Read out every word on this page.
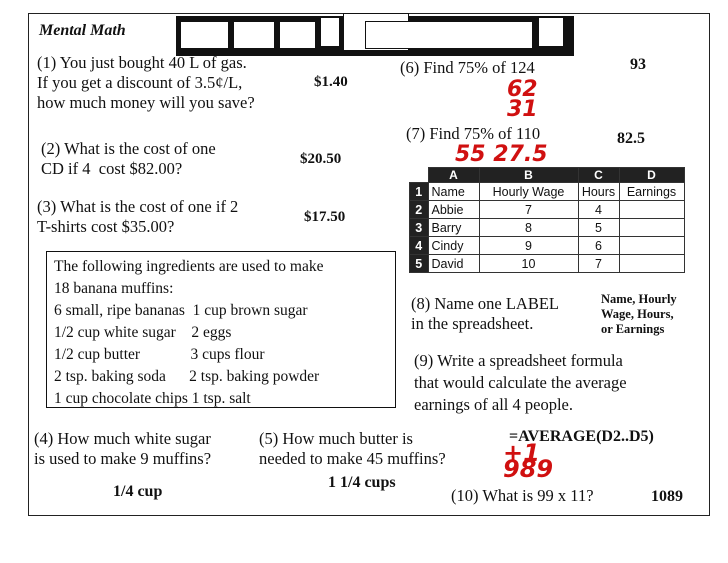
Mental Math
(1) You just bought 40 L of gas.
If you get a discount of 3.5¢/L,
how much money will you save?
$1.40
(2) What is the cost of one
CD if 4  cost $82.00?	$20.50
(3) What is the cost of one if 2
T-shirts cost $35.00?	$17.50
The following ingredients are used to make
18 banana muffins:
6 small, ripe bananas  1 cup brown sugar
1/2 cup white sugar    2 eggs
1/2 cup butter             3 cups flour
2 tsp. baking soda      2 tsp. baking powder
1 cup chocolate chips 1 tsp. salt
(4) How much white sugar
is used to make 9 muffins?
1/4 cup
(5) How much butter is
needed to make 45 muffins?
1 1/4 cups
(6) Find 75% of 124	93
62
31
(7) Find 75% of 110	82.5
55 27.5
	A	B	C	D
1	Name	Hourly Wage	Hours	Earnings
2	Abbie	7	4	
3	Barry	8	5	
4	Cindy	9	6	
5	David	10	7	
(8) Name one LABEL
in the spreadsheet.
Name, Hourly
Wage, Hours,
or Earnings
(9) Write a spreadsheet formula
that would calculate the average
earnings of all 4 people.
=AVERAGE(D2..D5)
(10) What is 99 x 11?	1089
+1
989
